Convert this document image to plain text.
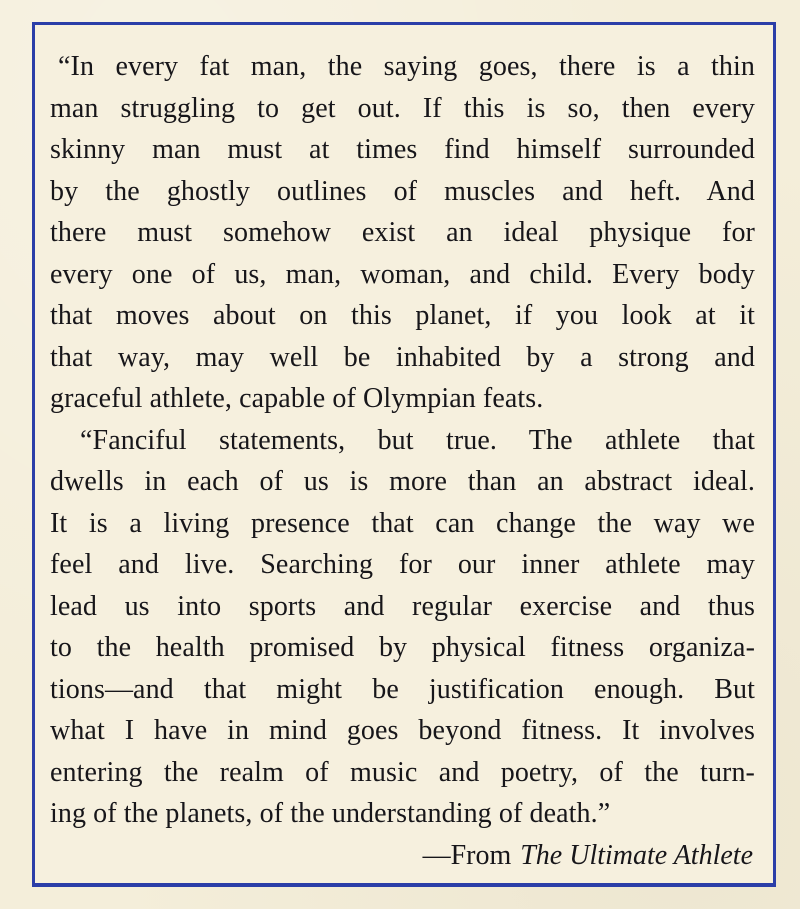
“In every fat man, the saying goes, there is a thin
man struggling to get out. If this is so, then every
skinny man must at times find himself surrounded
by the ghostly outlines of muscles and heft. And
there must somehow exist an ideal physique for
every one of us, man, woman, and child. Every body
that moves about on this planet, if you look at it
that way, may well be inhabited by a strong and
graceful athlete, capable of Olympian feats.
“Fanciful statements, but true. The athlete that
dwells in each of us is more than an abstract ideal.
It is a living presence that can change the way we
feel and live. Searching for our inner athlete may
lead us into sports and regular exercise and thus
to the health promised by physical fitness organiza-
tions—and that might be justification enough. But
what I have in mind goes beyond fitness. It involves
entering the realm of music and poetry, of the turn-
ing of the planets, of the understanding of death.”
—From The Ultimate Athlete
